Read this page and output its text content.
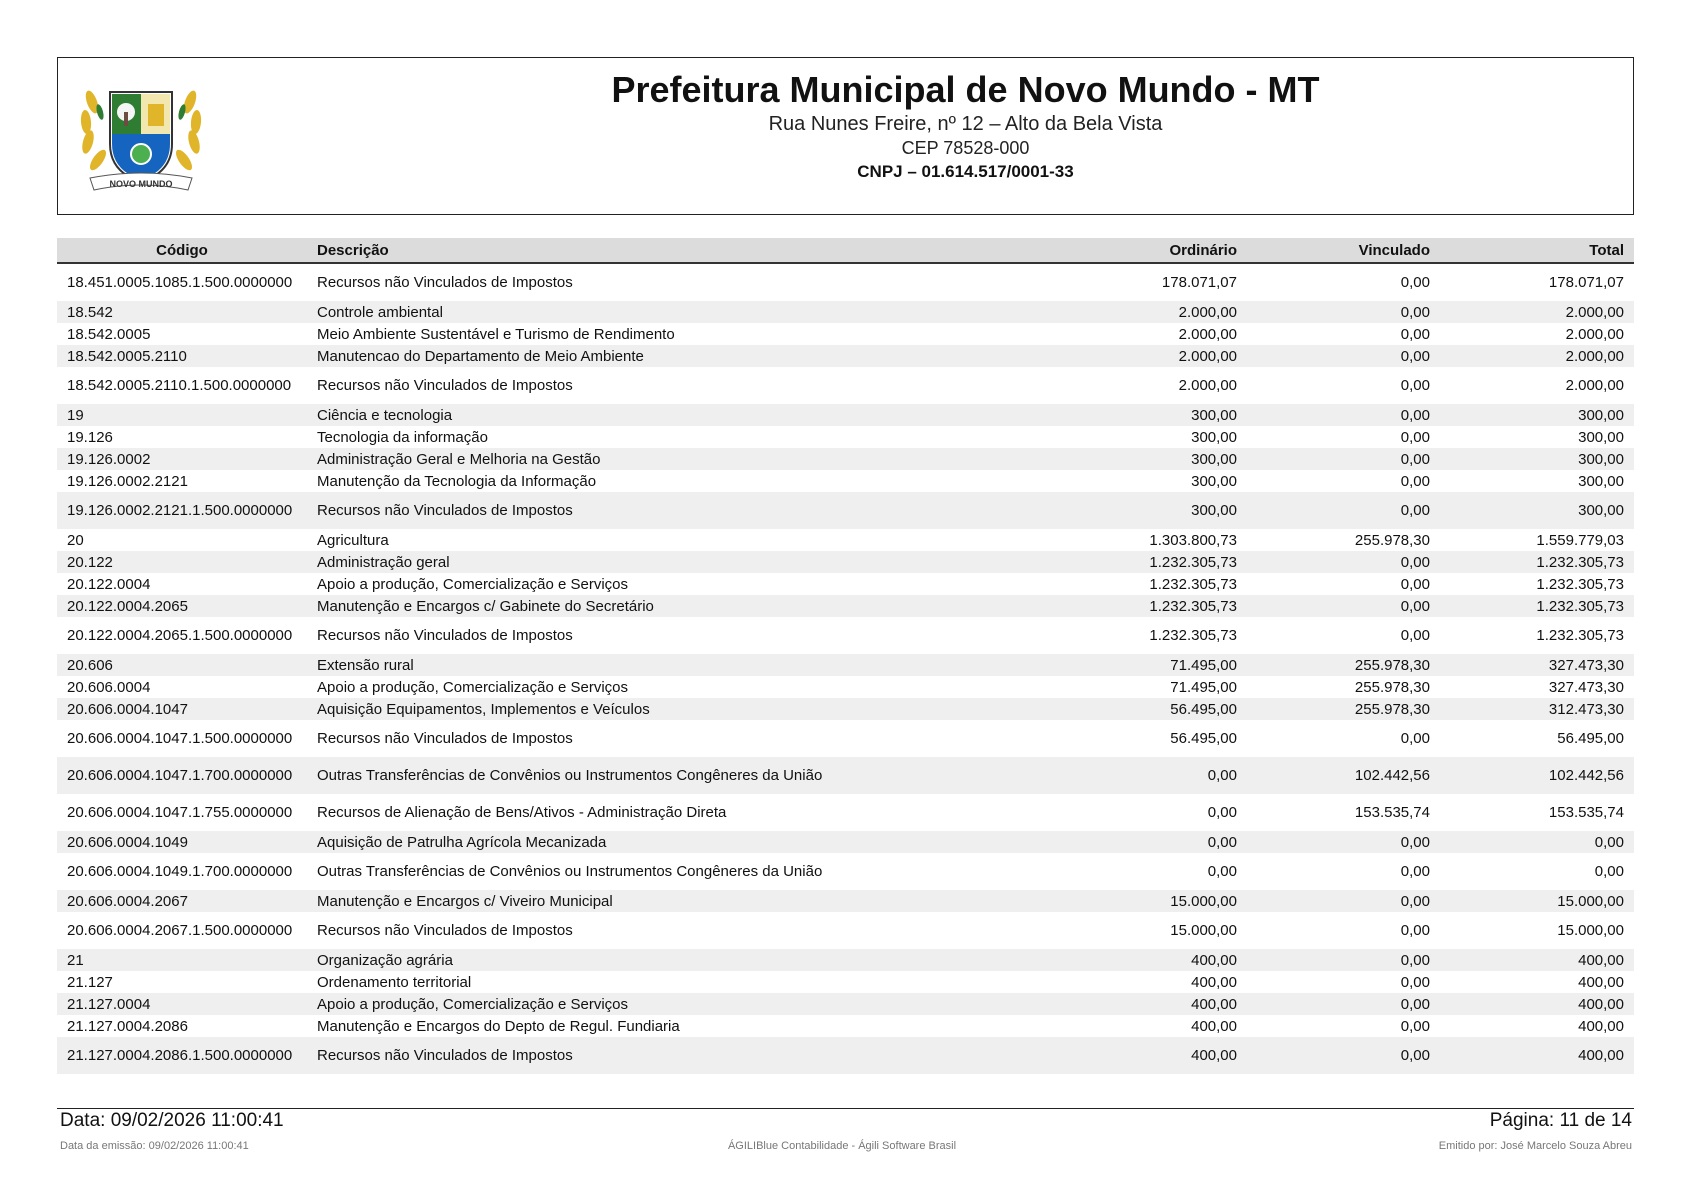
NOVO MUNDO
Prefeitura Municipal de Novo Mundo - MT
Rua Nunes Freire, nº 12 – Alto da Bela Vista
CEP 78528-000
CNPJ – 01.614.517/0001-33
Código	Descrição	Ordinário	Vinculado	Total
18.451.0005.1085.1.500.0000000	Recursos não Vinculados de Impostos	178.071,07	0,00	178.071,07
18.542	Controle ambiental	2.000,00	0,00	2.000,00
18.542.0005	Meio Ambiente Sustentável e Turismo de Rendimento	2.000,00	0,00	2.000,00
18.542.0005.2110	Manutencao do Departamento de Meio Ambiente	2.000,00	0,00	2.000,00
18.542.0005.2110.1.500.0000000	Recursos não Vinculados de Impostos	2.000,00	0,00	2.000,00
19	Ciência e tecnologia	300,00	0,00	300,00
19.126	Tecnologia da informação	300,00	0,00	300,00
19.126.0002	Administração Geral e Melhoria na Gestão	300,00	0,00	300,00
19.126.0002.2121	Manutenção da Tecnologia da Informação	300,00	0,00	300,00
19.126.0002.2121.1.500.0000000	Recursos não Vinculados de Impostos	300,00	0,00	300,00
20	Agricultura	1.303.800,73	255.978,30	1.559.779,03
20.122	Administração geral	1.232.305,73	0,00	1.232.305,73
20.122.0004	Apoio a produção, Comercialização e Serviços	1.232.305,73	0,00	1.232.305,73
20.122.0004.2065	Manutenção e Encargos c/ Gabinete do Secretário	1.232.305,73	0,00	1.232.305,73
20.122.0004.2065.1.500.0000000	Recursos não Vinculados de Impostos	1.232.305,73	0,00	1.232.305,73
20.606	Extensão rural	71.495,00	255.978,30	327.473,30
20.606.0004	Apoio a produção, Comercialização e Serviços	71.495,00	255.978,30	327.473,30
20.606.0004.1047	Aquisição Equipamentos, Implementos e Veículos	56.495,00	255.978,30	312.473,30
20.606.0004.1047.1.500.0000000	Recursos não Vinculados de Impostos	56.495,00	0,00	56.495,00
20.606.0004.1047.1.700.0000000	Outras Transferências de Convênios ou Instrumentos Congêneres da União	0,00	102.442,56	102.442,56
20.606.0004.1047.1.755.0000000	Recursos de Alienação de Bens/Ativos - Administração Direta	0,00	153.535,74	153.535,74
20.606.0004.1049	Aquisição de Patrulha Agrícola Mecanizada	0,00	0,00	0,00
20.606.0004.1049.1.700.0000000	Outras Transferências de Convênios ou Instrumentos Congêneres da União	0,00	0,00	0,00
20.606.0004.2067	Manutenção e Encargos c/ Viveiro Municipal	15.000,00	0,00	15.000,00
20.606.0004.2067.1.500.0000000	Recursos não Vinculados de Impostos	15.000,00	0,00	15.000,00
21	Organização agrária	400,00	0,00	400,00
21.127	Ordenamento territorial	400,00	0,00	400,00
21.127.0004	Apoio a produção, Comercialização e Serviços	400,00	0,00	400,00
21.127.0004.2086	Manutenção e Encargos do Depto de Regul. Fundiaria	400,00	0,00	400,00
21.127.0004.2086.1.500.0000000	Recursos não Vinculados de Impostos	400,00	0,00	400,00
Data: 09/02/2026 11:00:41	Página: 11 de 14
Data da emissão: 09/02/2026 11:00:41	ÁGILIBlue Contabilidade - Ágili Software Brasil	Emitido por: José Marcelo Souza Abreu
